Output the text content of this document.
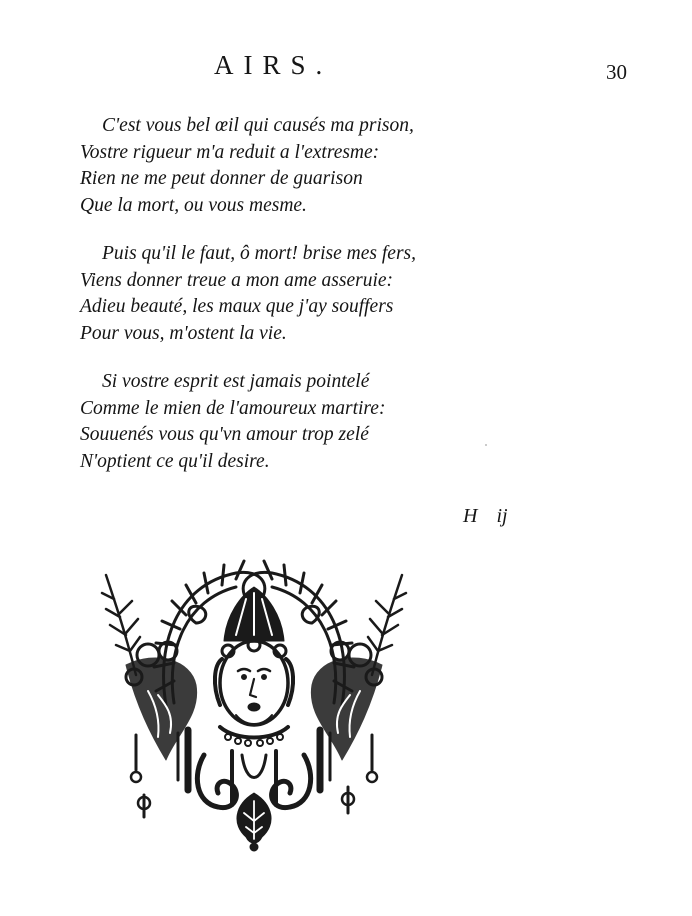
AIRS.	30
C'est vous bel œil qui causés ma prison,
Vostre rigueur m'a reduit a l'extresme:
Rien ne me peut donner de guarison
Que la mort, ou vous mesme.
Puis qu'il le faut, ô mort! brise mes fers,
Viens donner treue a mon ame asseruie:
Adieu beauté, les maux que j'ay souffers
Pour vous, m'ostent la vie.
Si vostre esprit est jamais pointelé
Comme le mien de l'amoureux martire:
Souuenés vous qu'vn amour trop zelé
N'optient ce qu'il desire.
H ij
